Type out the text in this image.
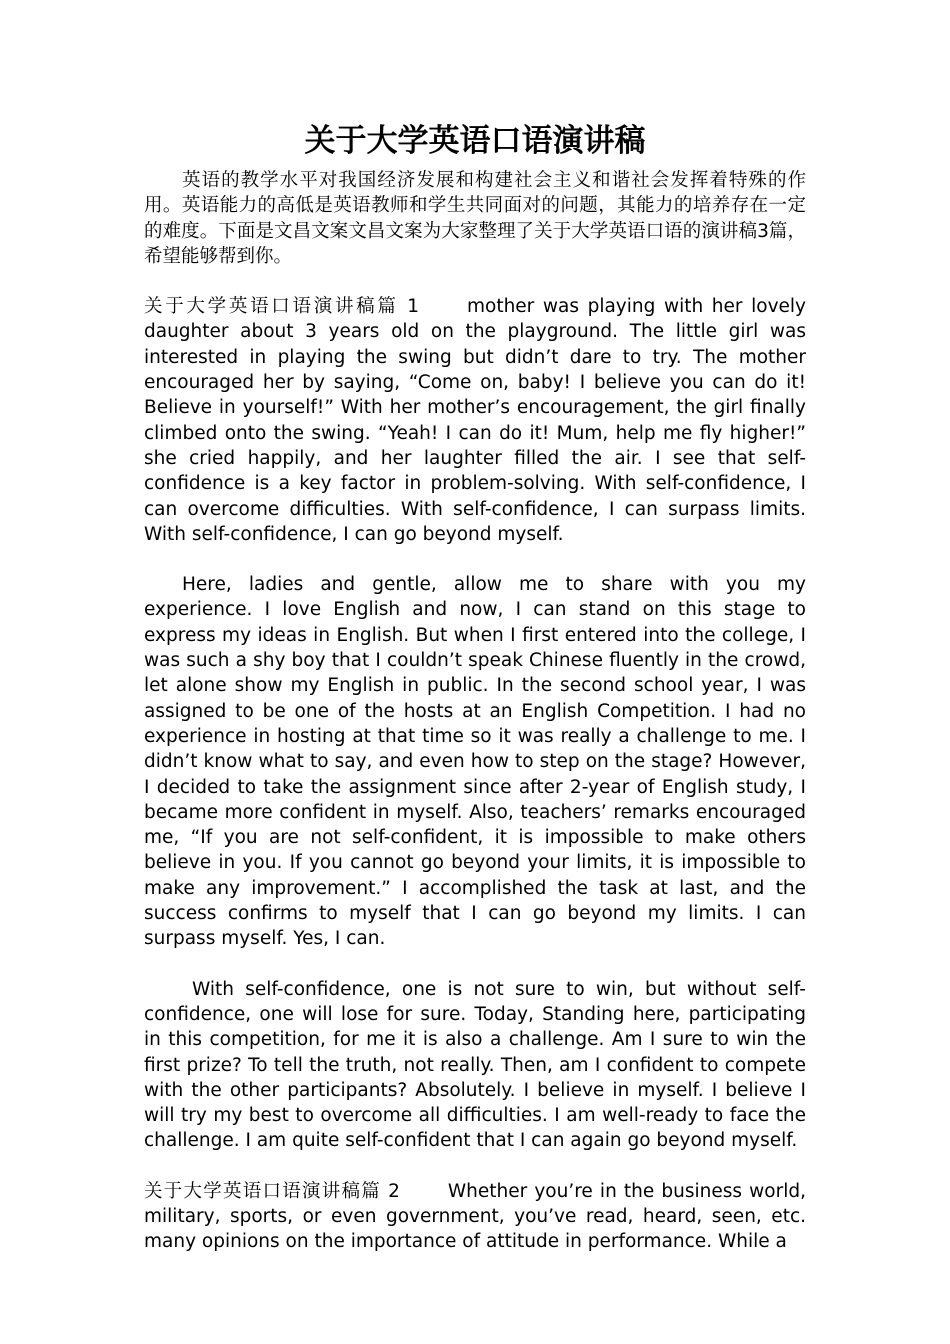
关于大学英语口语演讲稿

英语的教学水平对我国经济发展和构建社会主义和谐社会发挥着特殊的作用。英语能力的高低是英语教师和学生共同面对的问题，其能力的培养存在一定的难度。下面是文昌文案文昌文案为大家整理了关于大学英语口语的演讲稿3篇，希望能够帮到你。

关于大学英语口语演讲稿篇 1	mother was playing with her lovely daughter about 3 years old on the playground. The little girl was interested in playing the swing but didn’t dare to try. The mother encouraged her by saying, “Come on, baby! I believe you can do it! Believe in yourself!” With her mother’s encouragement, the girl finally climbed onto the swing. “Yeah! I can do it! Mum, help me fly higher!” she cried happily, and her laughter filled the air. I see that self-confidence is a key factor in problem-solving. With self-confidence, I can overcome difficulties. With self-confidence, I can surpass limits. With self-confidence, I can go beyond myself.

Here, ladies and gentle, allow me to share with you my experience. I love English and now, I can stand on this stage to express my ideas in English. But when I first entered into the college, I was such a shy boy that I couldn’t speak Chinese fluently in the crowd, let alone show my English in public. In the second school year, I was assigned to be one of the hosts at an English Competition. I had no experience in hosting at that time so it was really a challenge to me. I didn’t know what to say, and even how to step on the stage? However, I decided to take the assignment since after 2-year of English study, I became more confident in myself. Also, teachers’ remarks encouraged me, “If you are not self-confident, it is impossible to make others believe in you. If you cannot go beyond your limits, it is impossible to make any improvement.” I accomplished the task at last, and the success confirms to myself that I can go beyond my limits. I can surpass myself. Yes, I can.

With self-confidence, one is not sure to win, but without self-confidence, one will lose for sure. Today, Standing here, participating in this competition, for me it is also a challenge. Am I sure to win the first prize? To tell the truth, not really. Then, am I confident to compete with the other participants? Absolutely. I believe in myself. I believe I will try my best to overcome all difficulties. I am well-ready to face the challenge. I am quite self-confident that I can again go beyond myself.

关于大学英语口语演讲稿篇 2	Whether you’re in the business world, military, sports, or even government, you’ve read, heard, seen, etc. many opinions on the importance of attitude in performance. While a
